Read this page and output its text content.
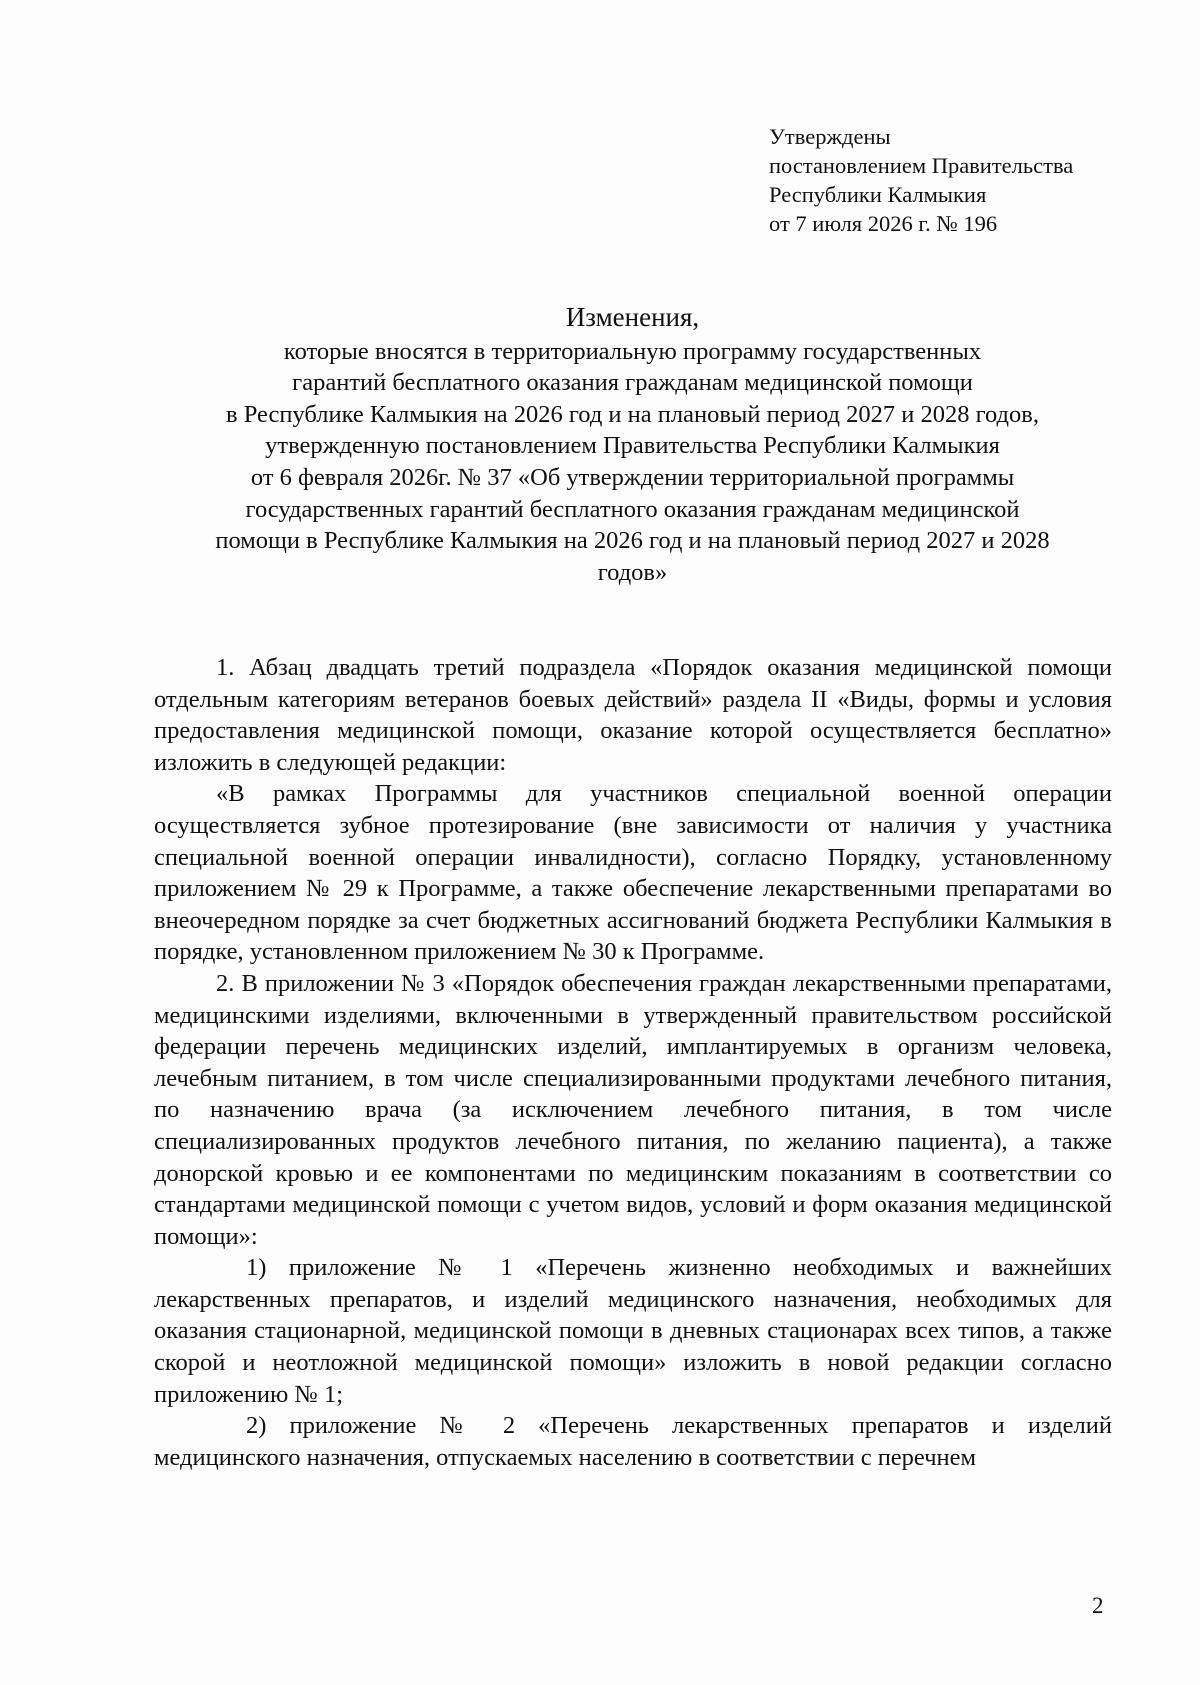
Утверждены
постановлением Правительства
Республики Калмыкия
от 7 июля 2026 г. № 196
Изменения,
которые вносятся в территориальную программу государственных
гарантий бесплатного оказания гражданам медицинской помощи
в Республике Калмыкия на 2026 год и на плановый период 2027 и 2028 годов,
утвержденную постановлением Правительства Республики Калмыкия
от 6 февраля 2026г. № 37 «Об утверждении территориальной программы
государственных гарантий бесплатного оказания гражданам медицинской
помощи в Республике Калмыкия на 2026 год и на плановый период 2027 и 2028
годов»

1. Абзац двадцать третий подраздела «Порядок оказания медицинской помощи отдельным категориям ветеранов боевых действий» раздела II «Виды, формы и условия предоставления медицинской помощи, оказание которой осуществляется бесплатно» изложить в следующей редакции:

«В рамках Программы для участников специальной военной операции осуществляется зубное протезирование (вне зависимости от наличия у участника специальной военной операции инвалидности), согласно Порядку, установленному приложением № 29 к Программе, а также обеспечение лекарственными препаратами во внеочередном порядке за счет бюджетных ассигнований бюджета Республики Калмыкия в порядке, установленном приложением № 30 к Программе.

2. В приложении № 3 «Порядок обеспечения граждан лекарственными препаратами, медицинскими изделиями, включенными в утвержденный правительством российской федерации перечень медицинских изделий, имплантируемых в организм человека, лечебным питанием, в том числе специализированными продуктами лечебного питания, по назначению врача (за исключением лечебного питания, в том числе специализированных продуктов лечебного питания, по желанию пациента), а также донорской кровью и ее компонентами по медицинским показаниям в соответствии со стандартами медицинской помощи с учетом видов, условий и форм оказания медицинской помощи»:

1) приложение № 1 «Перечень жизненно необходимых и важнейших лекарственных препаратов, и изделий медицинского назначения, необходимых для оказания стационарной, медицинской помощи в дневных стационарах всех типов, а также скорой и неотложной медицинской помощи» изложить в новой редакции согласно приложению № 1;

2) приложение № 2 «Перечень лекарственных препаратов и изделий медицинского назначения, отпускаемых населению в соответствии с перечнем

2
